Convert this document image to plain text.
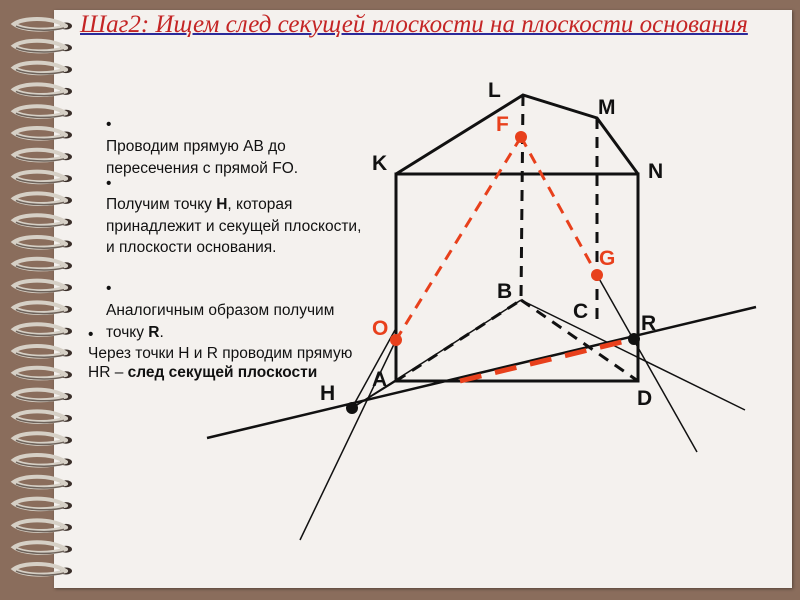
Шаг2: Ищем след секущей плоскости на плоскости основания

•
Проводим прямую AB до пересечения с прямой FO.

•
Получим точку H, которая принадлежит и секущей плоскости, и плоскости основания.

•
Аналогичным образом получим точку R.

•
Через точки H и R проводим прямую HR – след секущей плоскости

L
M
K	N
F
G
B
C
O	R
A
H	D
